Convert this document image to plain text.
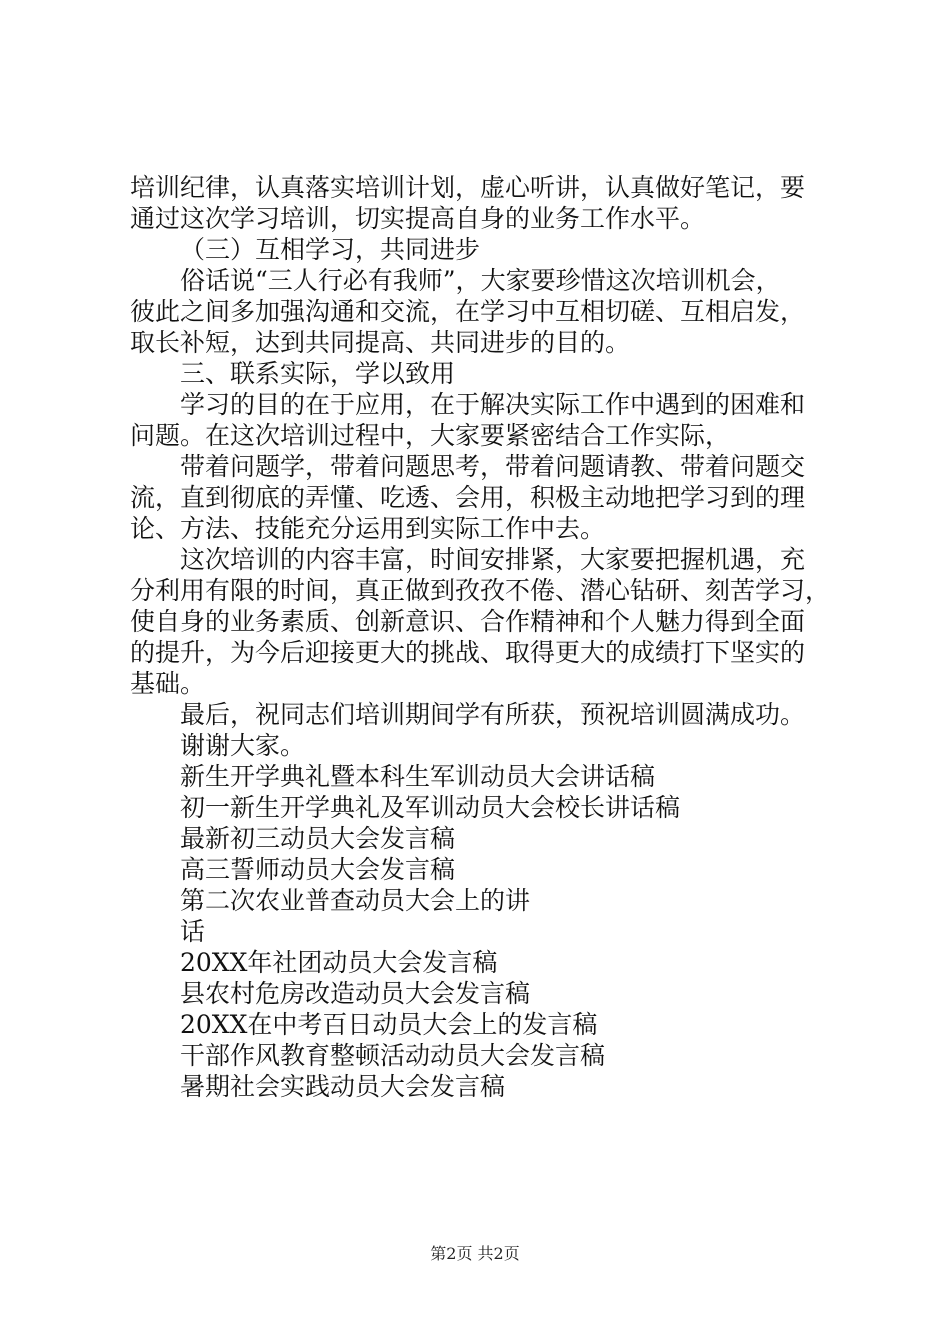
培训纪律，认真落实培训计划，虚心听讲，认真做好笔记，要
通过这次学习培训，切实提高自身的业务工作水平。
（三）互相学习，共同进步
俗话说“三人行必有我师”，大家要珍惜这次培训机会，
彼此之间多加强沟通和交流，在学习中互相切磋、互相启发，
取长补短，达到共同提高、共同进步的目的。
三、联系实际，学以致用
学习的目的在于应用，在于解决实际工作中遇到的困难和
问题。在这次培训过程中，大家要紧密结合工作实际，
带着问题学，带着问题思考，带着问题请教、带着问题交
流，直到彻底的弄懂、吃透、会用，积极主动地把学习到的理
论、方法、技能充分运用到实际工作中去。
这次培训的内容丰富，时间安排紧，大家要把握机遇，充
分利用有限的时间，真正做到孜孜不倦、潜心钻研、刻苦学习，
使自身的业务素质、创新意识、合作精神和个人魅力得到全面
的提升，为今后迎接更大的挑战、取得更大的成绩打下坚实的
基础。
最后，祝同志们培训期间学有所获，预祝培训圆满成功。
谢谢大家。
新生开学典礼暨本科生军训动员大会讲话稿
初一新生开学典礼及军训动员大会校长讲话稿
最新初三动员大会发言稿
高三誓师动员大会发言稿
第二次农业普查动员大会上的讲
话
20XX年社团动员大会发言稿
县农村危房改造动员大会发言稿
20XX在中考百日动员大会上的发言稿
干部作风教育整顿活动动员大会发言稿
暑期社会实践动员大会发言稿
第2页 共2页
